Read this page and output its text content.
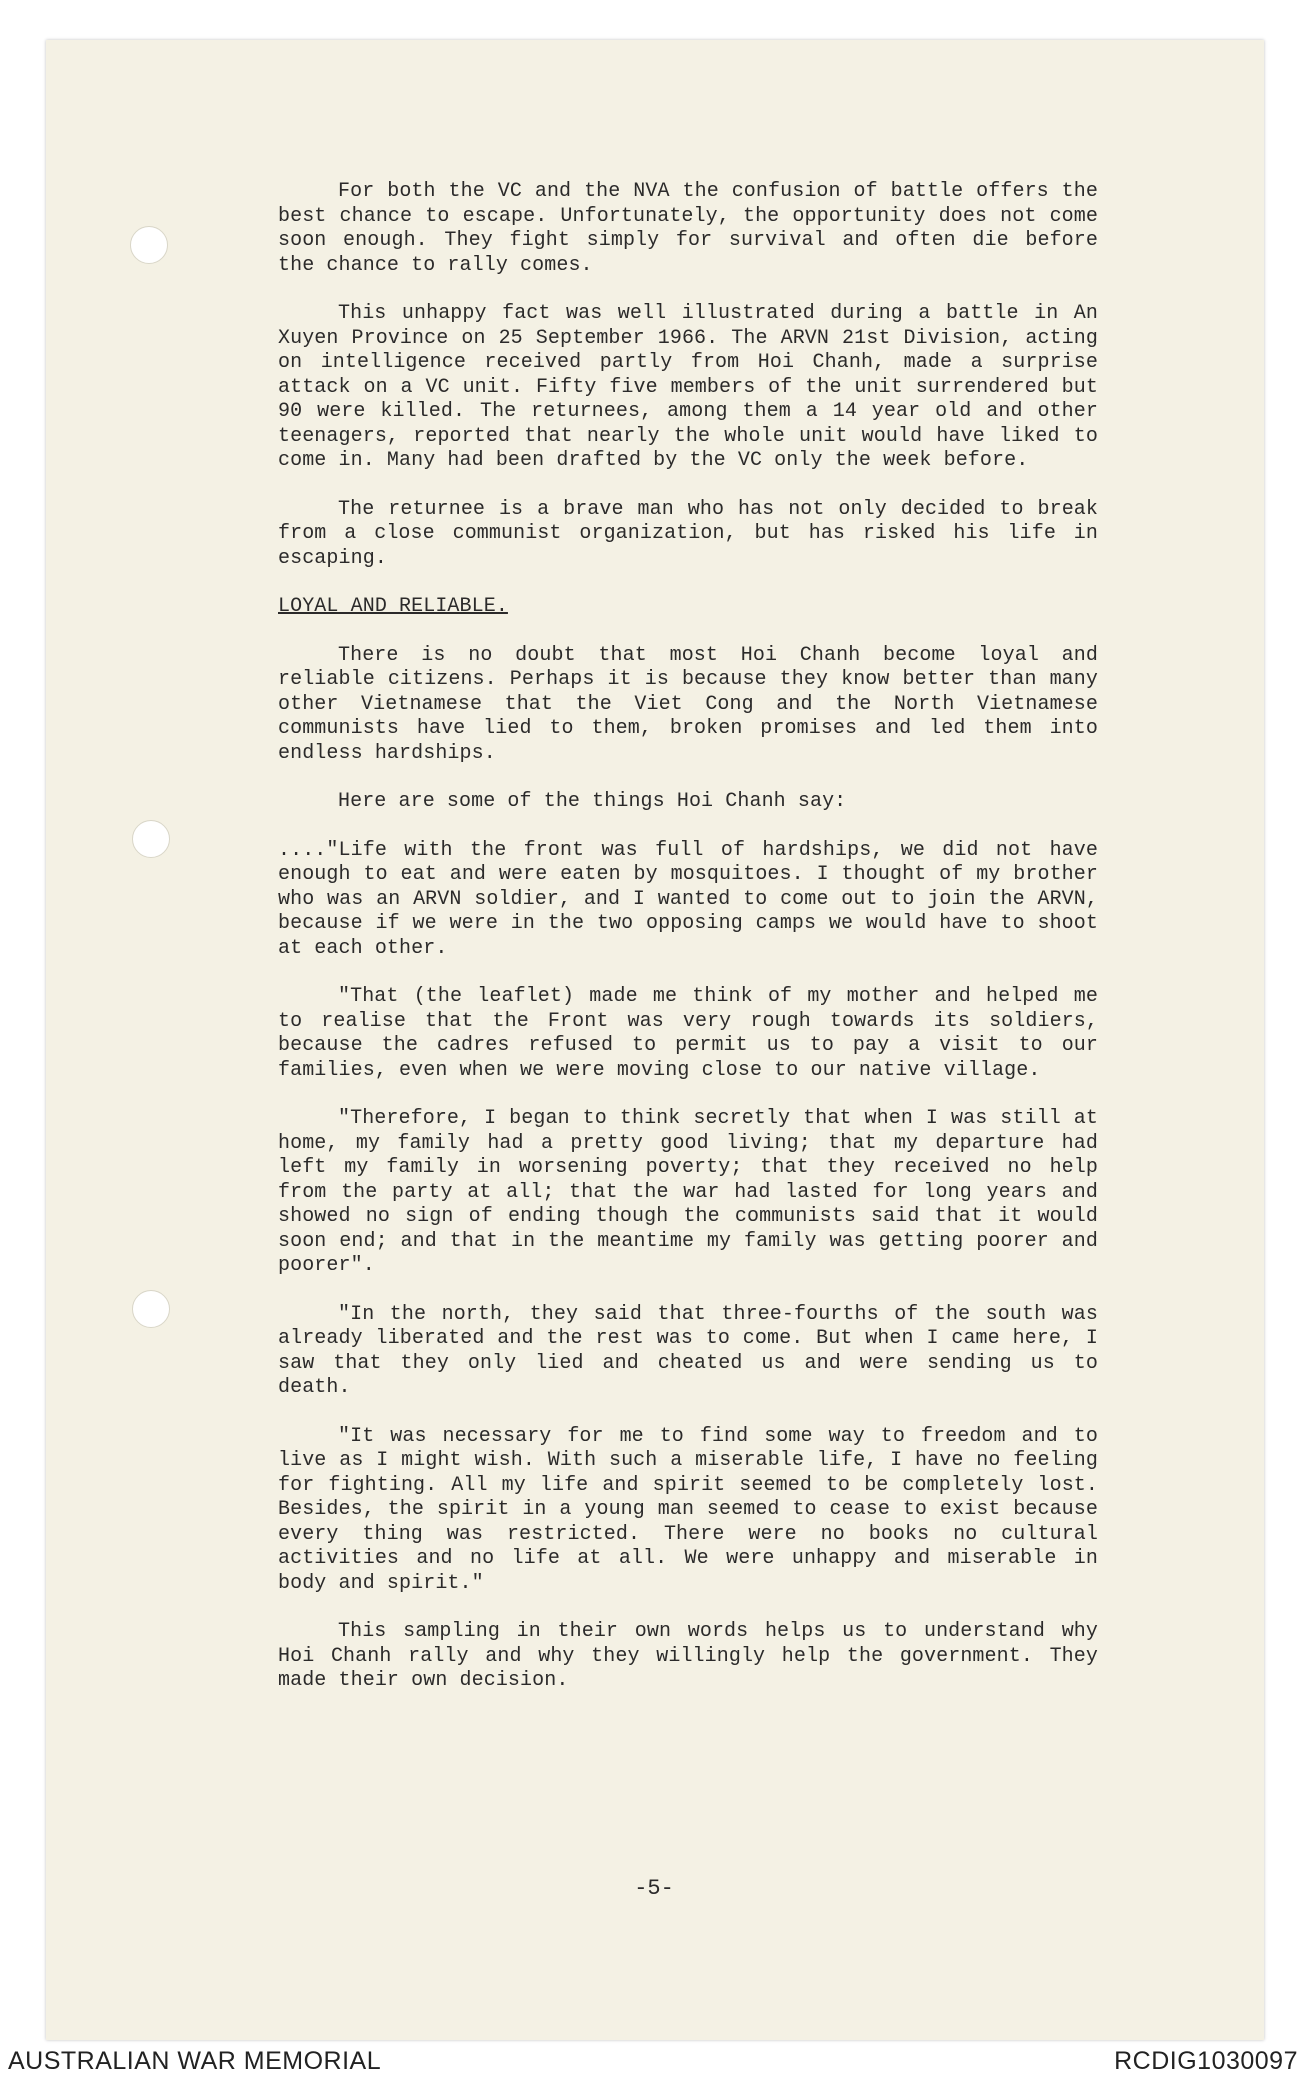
For both the VC and the NVA the confusion of battle offers the best chance to escape. Unfortunately, the opportunity does not come soon enough. They fight simply for survival and often die before the chance to rally comes.

This unhappy fact was well illustrated during a battle in An Xuyen Province on 25 September 1966. The ARVN 21st Division, acting on intelligence received partly from Hoi Chanh, made a surprise attack on a VC unit. Fifty five members of the unit surrendered but 90 were killed. The returnees, among them a 14 year old and other teenagers, reported that nearly the whole unit would have liked to come in. Many had been drafted by the VC only the week before.

The returnee is a brave man who has not only decided to break from a close communist organization, but has risked his life in escaping.

LOYAL AND RELIABLE.

There is no doubt that most Hoi Chanh become loyal and reliable citizens. Perhaps it is because they know better than many other Vietnamese that the Viet Cong and the North Vietnamese communists have lied to them, broken promises and led them into endless hardships.

Here are some of the things Hoi Chanh say:

...."Life with the front was full of hardships, we did not have enough to eat and were eaten by mosquitoes. I thought of my brother who was an ARVN soldier, and I wanted to come out to join the ARVN, because if we were in the two opposing camps we would have to shoot at each other.

"That (the leaflet) made me think of my mother and helped me to realise that the Front was very rough towards its soldiers, because the cadres refused to permit us to pay a visit to our families, even when we were moving close to our native village.

"Therefore, I began to think secretly that when I was still at home, my family had a pretty good living; that my departure had left my family in worsening poverty; that they received no help from the party at all; that the war had lasted for long years and showed no sign of ending though the communists said that it would soon end; and that in the meantime my family was getting poorer and poorer".

"In the north, they said that three-fourths of the south was already liberated and the rest was to come. But when I came here, I saw that they only lied and cheated us and were sending us to death.

"It was necessary for me to find some way to freedom and to live as I might wish. With such a miserable life, I have no feeling for fighting. All my life and spirit seemed to be completely lost. Besides, the spirit in a young man seemed to cease to exist because every thing was restricted. There were no books no cultural activities and no life at all. We were unhappy and miserable in body and spirit."

This sampling in their own words helps us to understand why Hoi Chanh rally and why they willingly help the government. They made their own decision.

-5-
AUSTRALIAN WAR MEMORIAL	RCDIG1030097
